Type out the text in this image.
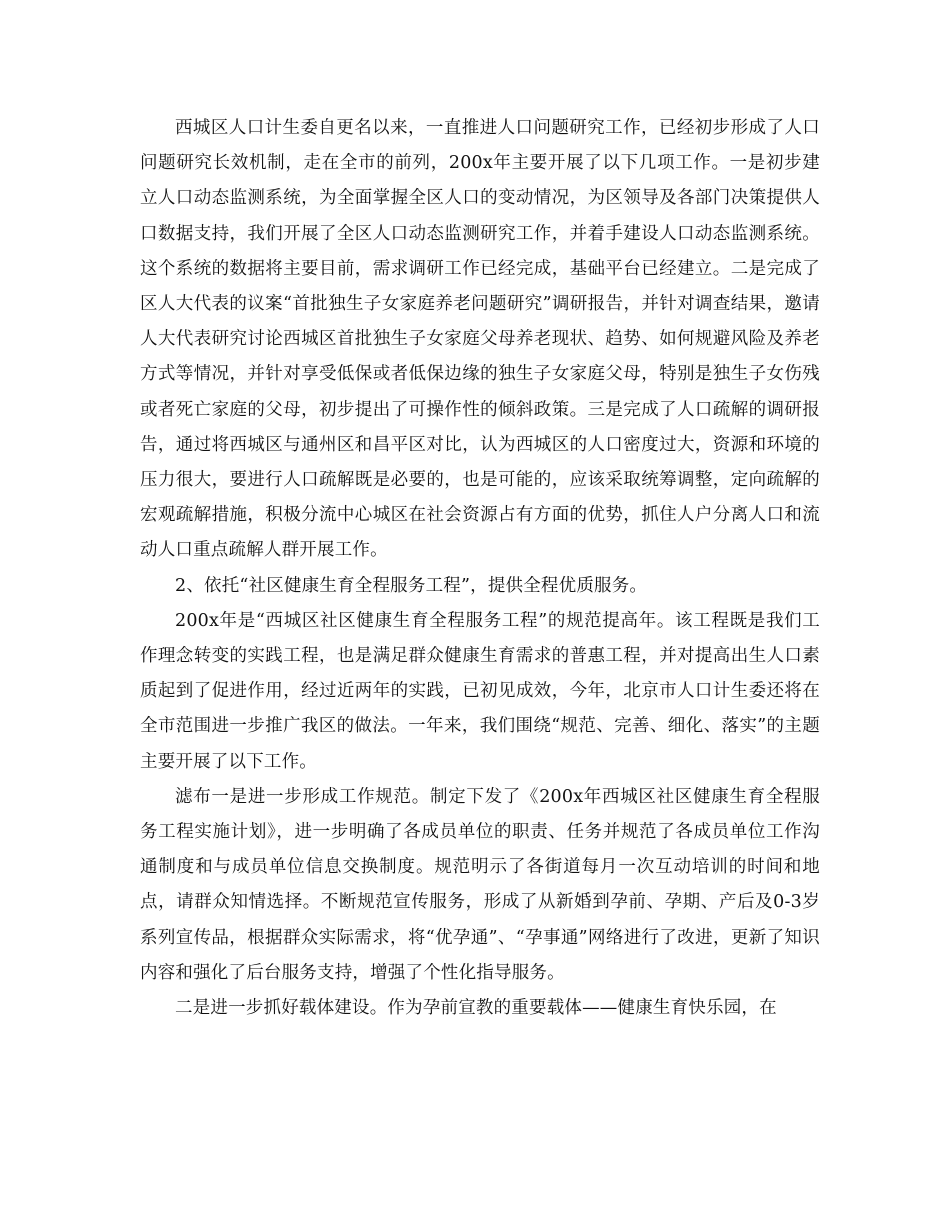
西城区人口计生委自更名以来，一直推进人口问题研究工作，已经初步形成了人口问题研究长效机制，走在全市的前列，200x年主要开展了以下几项工作。一是初步建立人口动态监测系统，为全面掌握全区人口的变动情况，为区领导及各部门决策提供人口数据支持，我们开展了全区人口动态监测研究工作，并着手建设人口动态监测系统。这个系统的数据将主要目前，需求调研工作已经完成，基础平台已经建立。二是完成了区人大代表的议案“首批独生子女家庭养老问题研究”调研报告，并针对调查结果，邀请人大代表研究讨论西城区首批独生子女家庭父母养老现状、趋势、如何规避风险及养老方式等情况，并针对享受低保或者低保边缘的独生子女家庭父母，特别是独生子女伤残或者死亡家庭的父母，初步提出了可操作性的倾斜政策。三是完成了人口疏解的调研报告，通过将西城区与通州区和昌平区对比，认为西城区的人口密度过大，资源和环境的压力很大，要进行人口疏解既是必要的，也是可能的，应该采取统筹调整，定向疏解的宏观疏解措施，积极分流中心城区在社会资源占有方面的优势，抓住人户分离人口和流动人口重点疏解人群开展工作。

2、依托“社区健康生育全程服务工程”，提供全程优质服务。

200x年是“西城区社区健康生育全程服务工程”的规范提高年。该工程既是我们工作理念转变的实践工程，也是满足群众健康生育需求的普惠工程，并对提高出生人口素质起到了促进作用，经过近两年的实践，已初见成效，今年，北京市人口计生委还将在全市范围进一步推广我区的做法。一年来，我们围绕“规范、完善、细化、落实”的主题主要开展了以下工作。

滤布一是进一步形成工作规范。制定下发了《200x年西城区社区健康生育全程服务工程实施计划》，进一步明确了各成员单位的职责、任务并规范了各成员单位工作沟通制度和与成员单位信息交换制度。规范明示了各街道每月一次互动培训的时间和地点，请群众知情选择。不断规范宣传服务，形成了从新婚到孕前、孕期、产后及0-3岁系列宣传品，根据群众实际需求，将“优孕通”、“孕事通”网络进行了改进，更新了知识内容和强化了后台服务支持，增强了个性化指导服务。

二是进一步抓好载体建设。作为孕前宣教的重要载体——健康生育快乐园，在
